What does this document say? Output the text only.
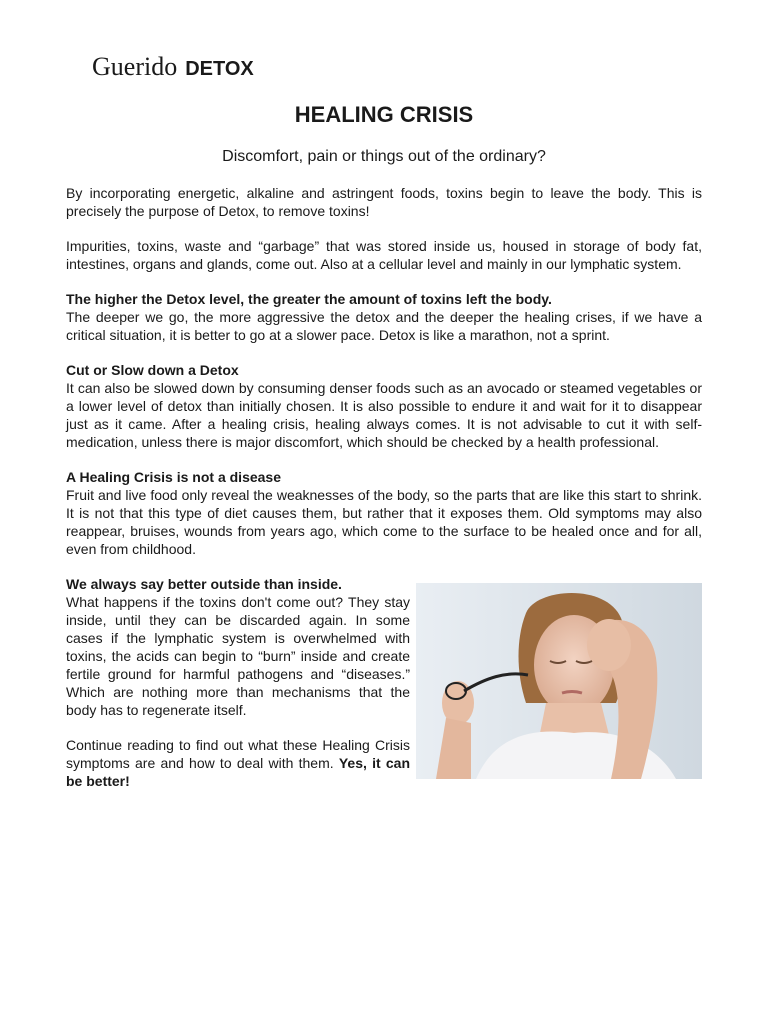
Guerido DETOX
HEALING CRISIS
Discomfort, pain or things out of the ordinary?

By incorporating energetic, alkaline and astringent foods, toxins begin to leave the body. This is precisely the purpose of Detox, to remove toxins!

Impurities, toxins, waste and “garbage” that was stored inside us, housed in storage of body fat, intestines, organs and glands, come out. Also at a cellular level and mainly in our lymphatic system.

The higher the Detox level, the greater the amount of toxins left the body.
The deeper we go, the more aggressive the detox and the deeper the healing crises, if we have a critical situation, it is better to go at a slower pace. Detox is like a marathon, not a sprint.

Cut or Slow down a Detox
It can also be slowed down by consuming denser foods such as an avocado or steamed vegetables or a lower level of detox than initially chosen. It is also possible to endure it and wait for it to disappear just as it came. After a healing crisis, healing always comes. It is not advisable to cut it with self-medication, unless there is major discomfort, which should be checked by a health professional.

A Healing Crisis is not a disease
Fruit and live food only reveal the weaknesses of the body, so the parts that are like this start to shrink. It is not that this type of diet causes them, but rather that it exposes them. Old symptoms may also reappear, bruises, wounds from years ago, which come to the surface to be healed once and for all, even from childhood.

We always say better outside than inside.
What happens if the toxins don't come out? They stay inside, until they can be discarded again. In some cases if the lymphatic system is overwhelmed with toxins, the acids can begin to “burn” inside and create fertile ground for harmful pathogens and “diseases.” Which are nothing more than mechanisms that the body has to regenerate itself.

Continue reading to find out what these Healing Crisis symptoms are and how to deal with them. Yes, it can be better!
